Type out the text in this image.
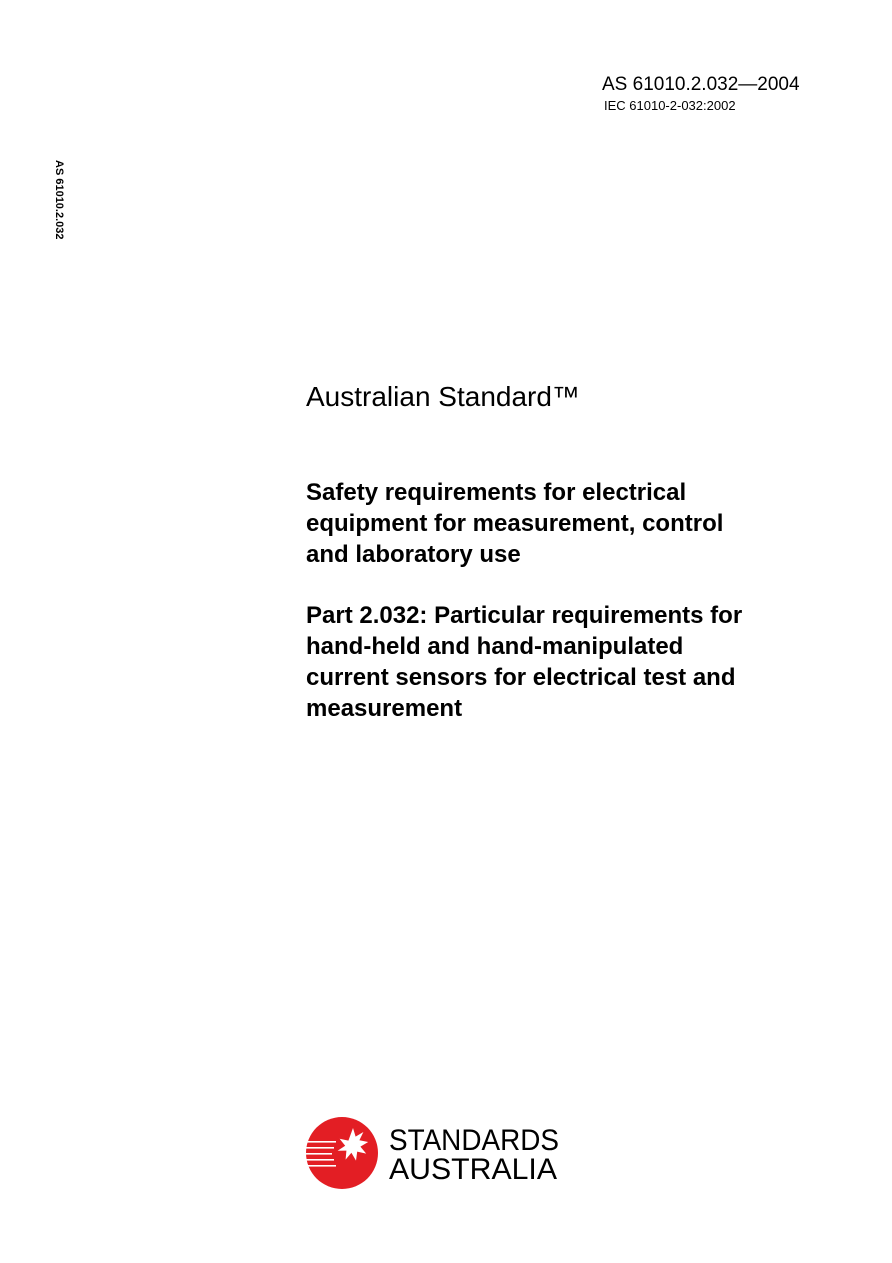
AS 61010.2.032—2004
IEC 61010-2-032:2002
AS 61010.2.032
Australian Standard™
Safety requirements for electrical
equipment for measurement, control
and laboratory use
Part 2.032: Particular requirements for
hand-held and hand-manipulated
current sensors for electrical test and
measurement
STANDARDS
AUSTRALIA
